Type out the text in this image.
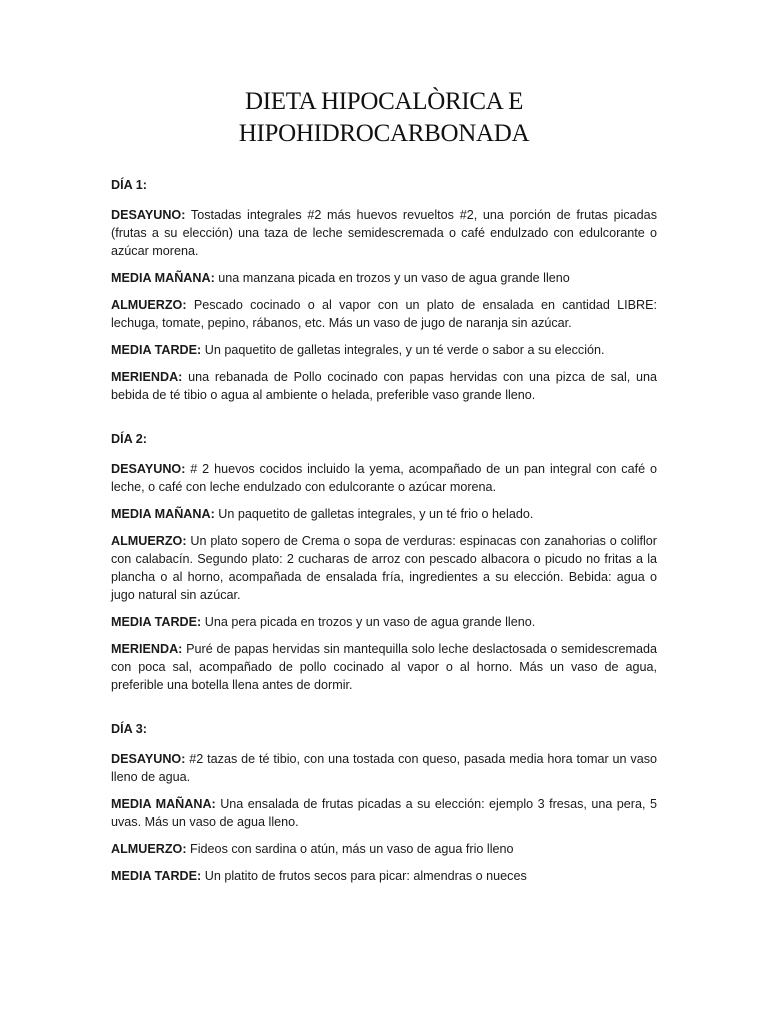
DIETA HIPOCALÒRICA E
HIPOHIDROCARBONADA
DÍA 1:

DESAYUNO: Tostadas integrales #2 más huevos revueltos #2, una porción de frutas picadas (frutas a su elección) una taza de leche semidescremada o café endulzado con edulcorante o azúcar morena.

MEDIA MAÑANA: una manzana picada en trozos y un vaso de agua grande lleno

ALMUERZO: Pescado cocinado o al vapor con un plato de ensalada en cantidad LIBRE: lechuga, tomate, pepino, rábanos, etc. Más un vaso de jugo de naranja sin azúcar.

MEDIA TARDE: Un paquetito de galletas integrales, y un té verde o sabor a su elección.

MERIENDA: una rebanada de Pollo cocinado con papas hervidas con una pizca de sal, una bebida de té tibio o agua al ambiente o helada, preferible vaso grande lleno.

DÍA 2:

DESAYUNO: # 2 huevos cocidos incluido la yema, acompañado de un pan integral con café o leche, o café con leche endulzado con edulcorante o azúcar morena.

MEDIA MAÑANA: Un paquetito de galletas integrales, y un té frio o helado.

ALMUERZO: Un plato sopero de Crema o sopa de verduras: espinacas con zanahorias o coliflor con calabacín. Segundo plato: 2 cucharas de arroz con pescado albacora o picudo no fritas a la plancha o al horno, acompañada de ensalada fría, ingredientes a su elección. Bebida: agua o jugo natural sin azúcar.

MEDIA TARDE: Una pera picada en trozos y un vaso de agua grande lleno.

MERIENDA: Puré de papas hervidas sin mantequilla solo leche deslactosada o semidescremada con poca sal, acompañado de pollo cocinado al vapor o al horno. Más un vaso de agua, preferible una botella llena antes de dormir.

DÍA 3:

DESAYUNO: #2 tazas de té tibio, con una tostada con queso, pasada media hora tomar un vaso lleno de agua.

MEDIA MAÑANA: Una ensalada de frutas picadas a su elección: ejemplo 3 fresas, una pera, 5 uvas. Más un vaso de agua lleno.

ALMUERZO: Fideos con sardina o atún, más un vaso de agua frio lleno

MEDIA TARDE: Un platito de frutos secos para picar: almendras o nueces
